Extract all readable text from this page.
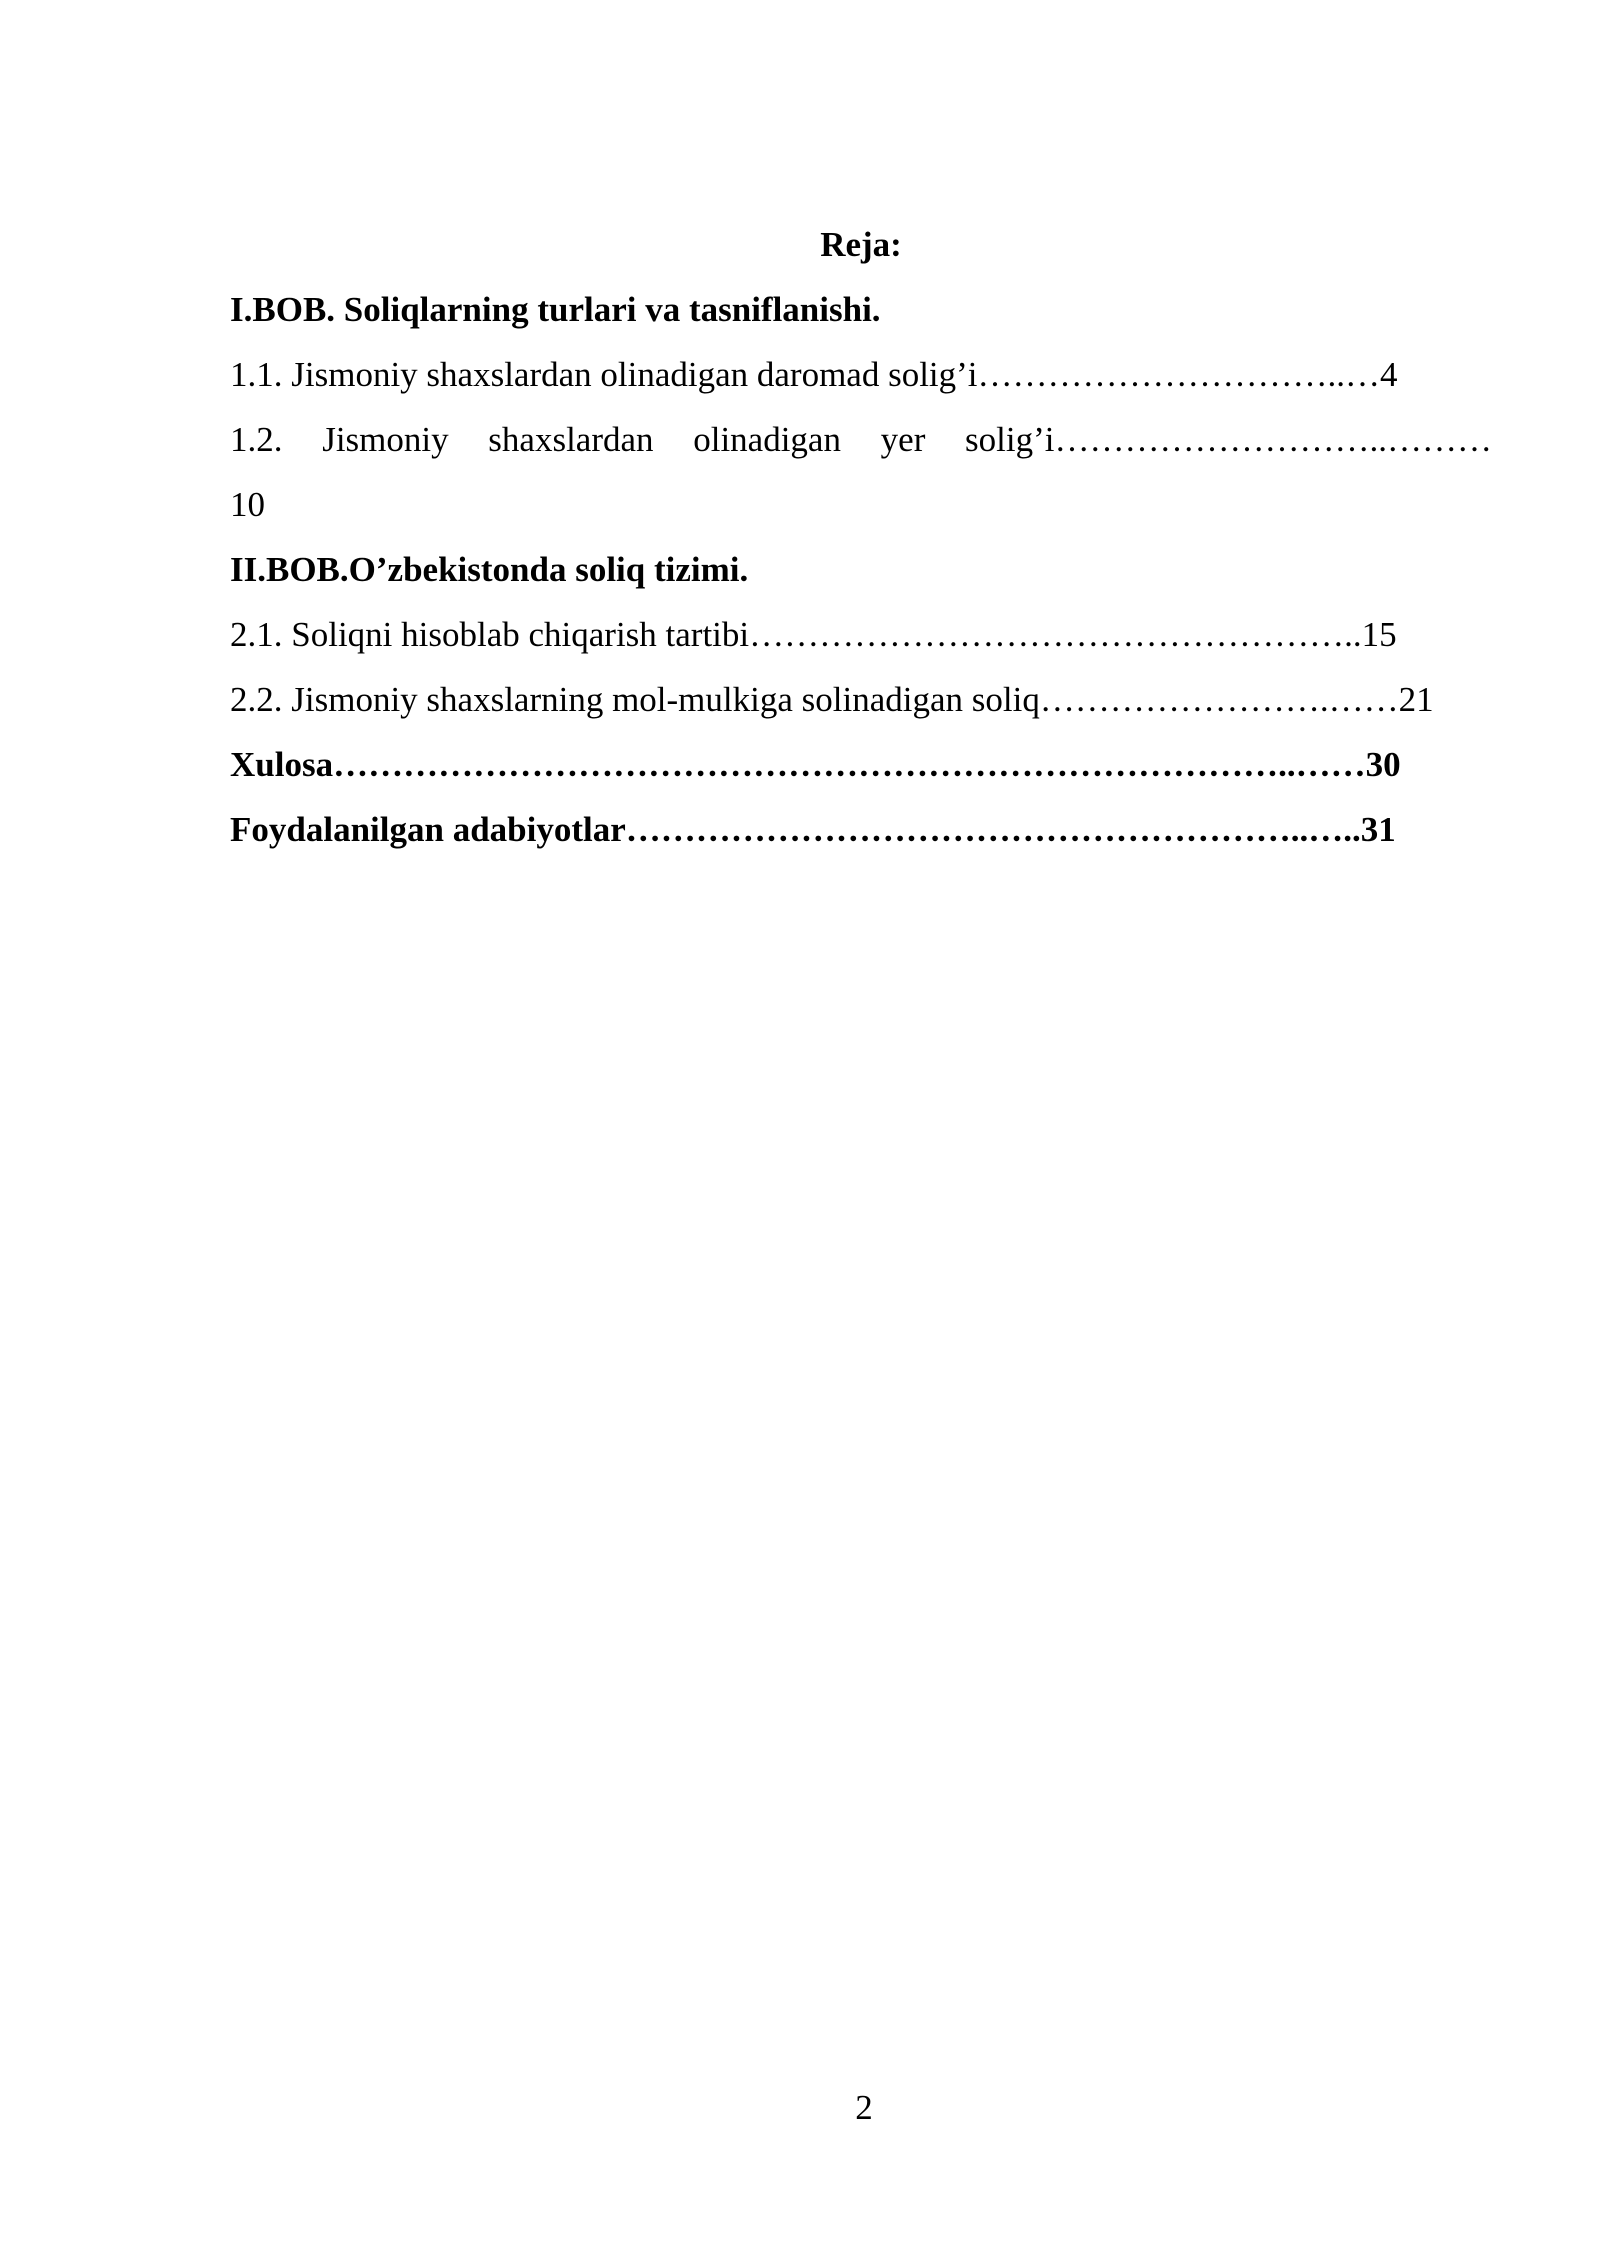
Reja:
I.BOB. Soliqlarning turlari va tasniflanishi.
1.1. Jismoniy shaxslardan olinadigan daromad solig’i…………………………..…4
1.2. Jismoniy shaxslardan olinadigan yer solig’i………………………..………
10
II.BOB.O’zbekistonda soliq tizimi.
2.1. Soliqni hisoblab chiqarish tartibi……………………………………………..15
2.2. Jismoniy shaxslarning mol-mulkiga solinadigan soliq…………………….……21
Xulosa………………………………………………………………………..……30
Foydalanilgan adabiyotlar…………………………………………………..…..31
2
